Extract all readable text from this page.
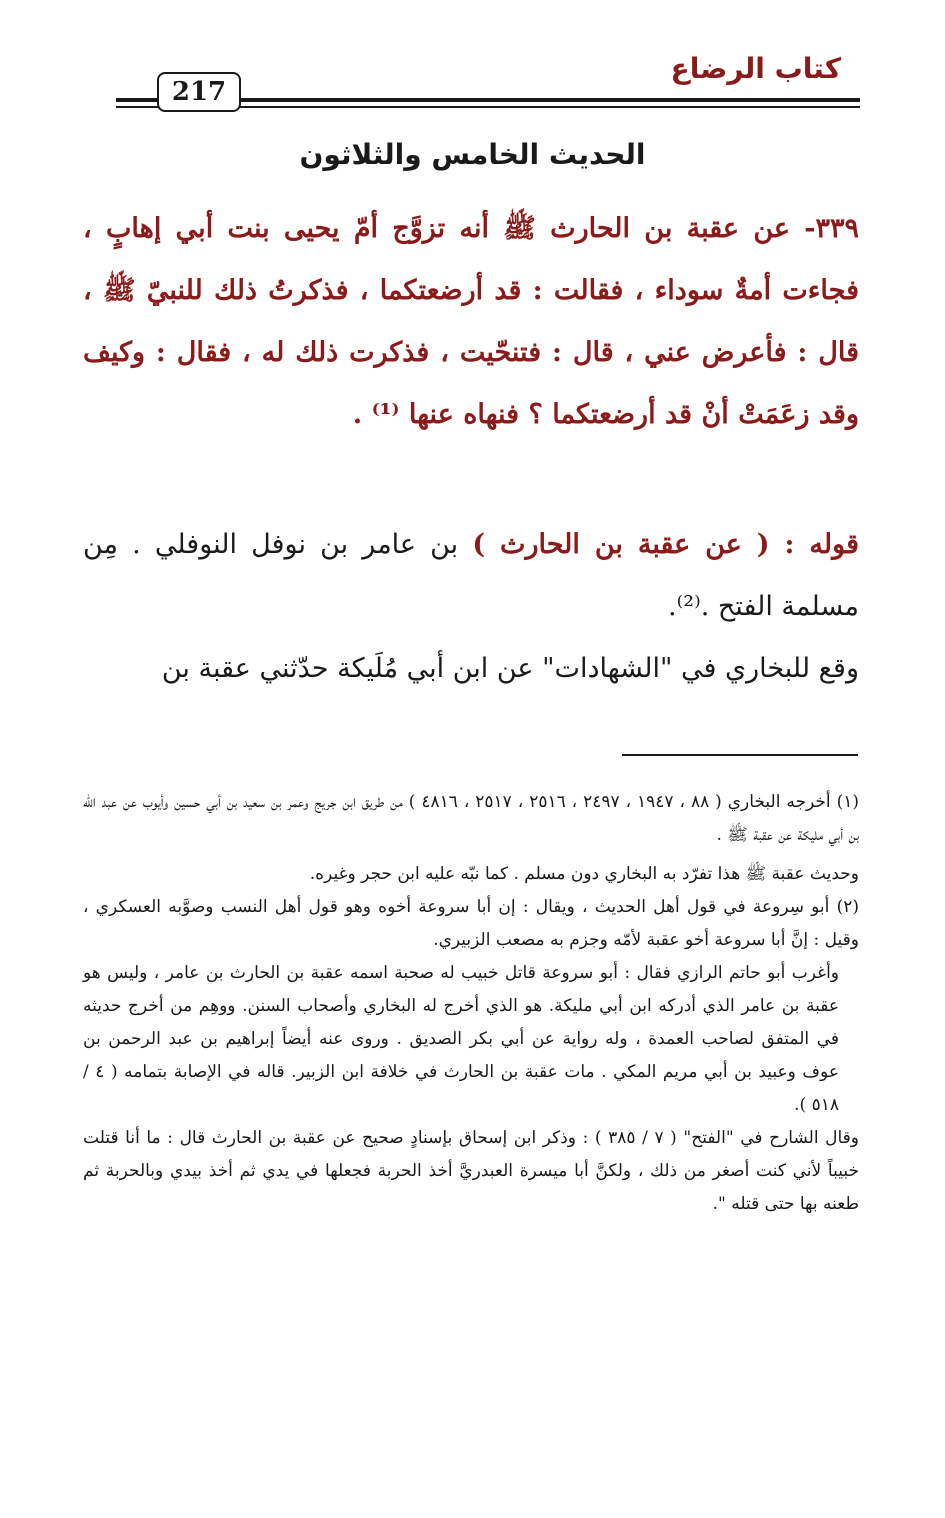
كتاب الرضاع
217
الحديث الخامس والثلاثون

٣٣٩- عن عقبة بن الحارث ﷺ أنه تزوَّج أمّ يحيى بنت أبي إهابٍ ، فجاءت أمةٌ سوداء ، فقالت : قد أرضعتكما ، فذكرتُ ذلك للنبيّ ﷺ ، قال : فأعرض عني ، قال : فتنحّيت ، فذكرت ذلك له ، فقال : وكيف وقد زعَمَتْ أنْ قد أرضعتكما ؟ فنهاه عنها ⁽¹⁾ .

قوله : ( عن عقبة بن الحارث ) بن عامر بن نوفل النوفلي . مِن مسلمة الفتح .⁽²⁾.

وقع للبخاري في "الشهادات" عن ابن أبي مُلَيكة حدّثني عقبة بن

(١) أخرجه البخاري ( ٨٨ ، ١٩٤٧ ، ٢٤٩٧ ، ٢٥١٦ ، ٢٥١٧ ، ٤٨١٦ ) من طريق ابن جريج وعمر بن سعيد بن أبي حسين وأيوب عن عبد الله بن أبي مليكة عن عقبة ﷺ .

وحديث عقبة ﷺ هذا تفرّد به البخاري دون مسلم . كما نبّه عليه ابن حجر وغيره.

(٢) أبو سِروعة في قول أهل الحديث ، ويقال : إن أبا سروعة أخوه وهو قول أهل النسب وصوَّبه العسكري ، وقيل : إنَّ أبا سروعة أخو عقبة لأمّه وجزم به مصعب الزبيري.

وأغرب أبو حاتم الرازي فقال : أبو سروعة قاتل خبيب له صحبة اسمه عقبة بن الحارث بن عامر ، وليس هو عقبة بن عامر الذي أدركه ابن أبي مليكة. هو الذي أخرج له البخاري وأصحاب السنن. ووهِم من أخرج حديثه في المتفق لصاحب العمدة ، وله رواية عن أبي بكر الصديق . وروى عنه أيضاً إبراهيم بن عبد الرحمن بن عوف وعبيد بن أبي مريم المكي . مات عقبة بن الحارث في خلافة ابن الزبير. قاله في الإصابة بتمامه ( ٤ / ٥١٨ ).

وقال الشارح في "الفتح" ( ٧ / ٣٨٥ ) : وذكر ابن إسحاق بإسنادٍ صحيح عن عقبة بن الحارث قال : ما أنا قتلت خبيباً لأني كنت أصغر من ذلك ، ولكنَّ أبا ميسرة العبدريَّ أخذ الحربة فجعلها في يدي ثم أخذ بيدي وبالحربة ثم طعنه بها حتى قتله ".
